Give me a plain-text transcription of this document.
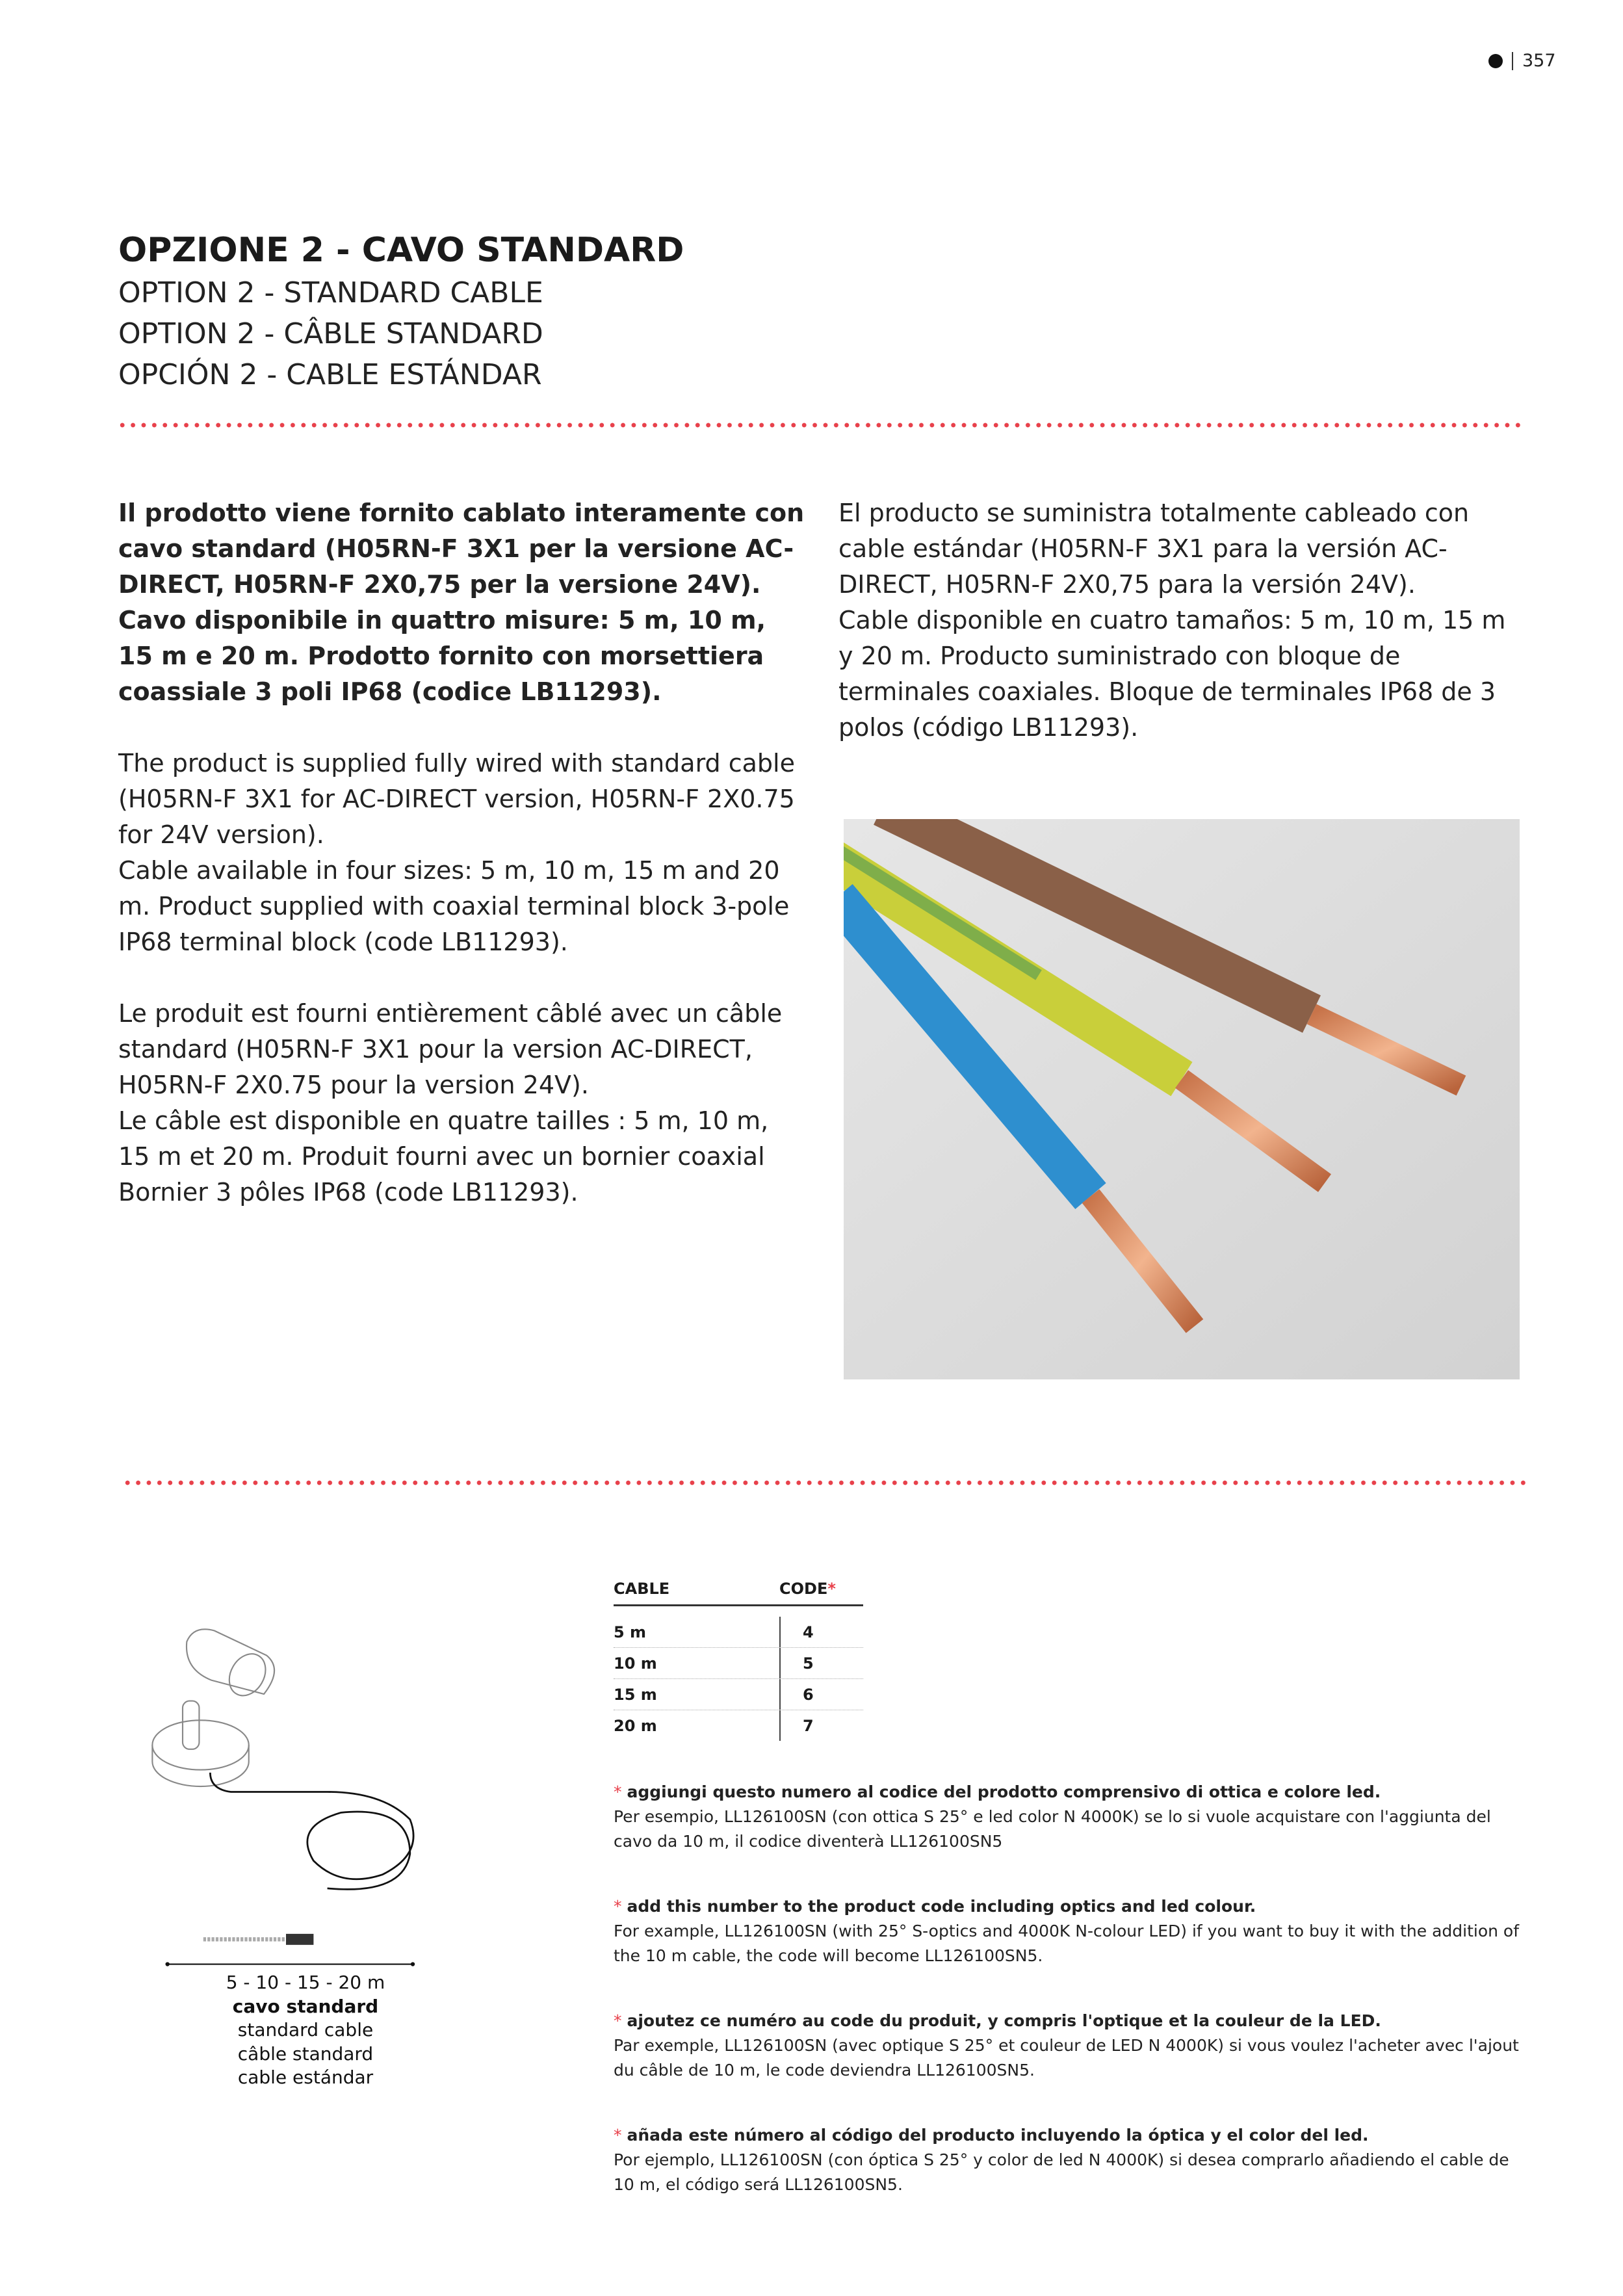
357
OPZIONE 2 - CAVO STANDARD
OPTION 2 - STANDARD CABLE
OPTION 2 - CÂBLE STANDARD
OPCIÓN 2 - CABLE ESTÁNDAR

Il prodotto viene fornito cablato interamente con cavo standard (H05RN-F 3X1 per la versione AC-DIRECT, H05RN-F 2X0,75 per la versione 24V).
Cavo disponibile in quattro misure: 5 m, 10 m, 15 m e 20 m. Prodotto fornito con morsettiera coassiale 3 poli IP68 (codice LB11293).

The product is supplied fully wired with standard cable (H05RN-F 3X1 for AC-DIRECT version, H05RN-F 2X0.75 for 24V version).
Cable available in four sizes: 5 m, 10 m, 15 m and 20 m. Product supplied with coaxial terminal block 3-pole IP68 terminal block (code LB11293).

Le produit est fourni entièrement câblé avec un câble standard (H05RN-F 3X1 pour la version AC-DIRECT, H05RN-F 2X0.75 pour la version 24V).
Le câble est disponible en quatre tailles : 5 m, 10 m, 15 m et 20 m. Produit fourni avec un bornier coaxial Bornier 3 pôles IP68 (code LB11293).

El producto se suministra totalmente cableado con cable estándar (H05RN-F 3X1 para la versión AC-DIRECT, H05RN-F 2X0,75 para la versión 24V).
Cable disponible en cuatro tamaños: 5 m, 10 m, 15 m y 20 m. Producto suministrado con bloque de terminales coaxiales. Bloque de terminales IP68 de 3 polos (código LB11293).

5 - 10 - 15 - 20 m
cavo standard
standard cable
câble standard
cable estándar
CABLE	CODE *
5 m	4
10 m	5
15 m	6
20 m	7
* aggiungi questo numero al codice del prodotto comprensivo di ottica e colore led.
Per esempio, LL126100SN (con ottica S 25° e led color N 4000K) se lo si vuole acquistare con l'aggiunta del cavo da 10 m, il codice diventerà LL126100SN5
* add this number to the product code including optics and led colour.
For example, LL126100SN (with 25° S-optics and 4000K N-colour LED) if you want to buy it with the addition of the 10 m cable, the code will become LL126100SN5.
* ajoutez ce numéro au code du produit, y compris l'optique et la couleur de la LED.
Par exemple, LL126100SN (avec optique S 25° et couleur de LED N 4000K) si vous voulez l'acheter avec l'ajout du câble de 10 m, le code deviendra LL126100SN5.
* añada este número al código del producto incluyendo la óptica y el color del led.
Por ejemplo, LL126100SN (con óptica S 25° y color de led N 4000K) si desea comprarlo añadiendo el cable de 10 m, el código será LL126100SN5.
